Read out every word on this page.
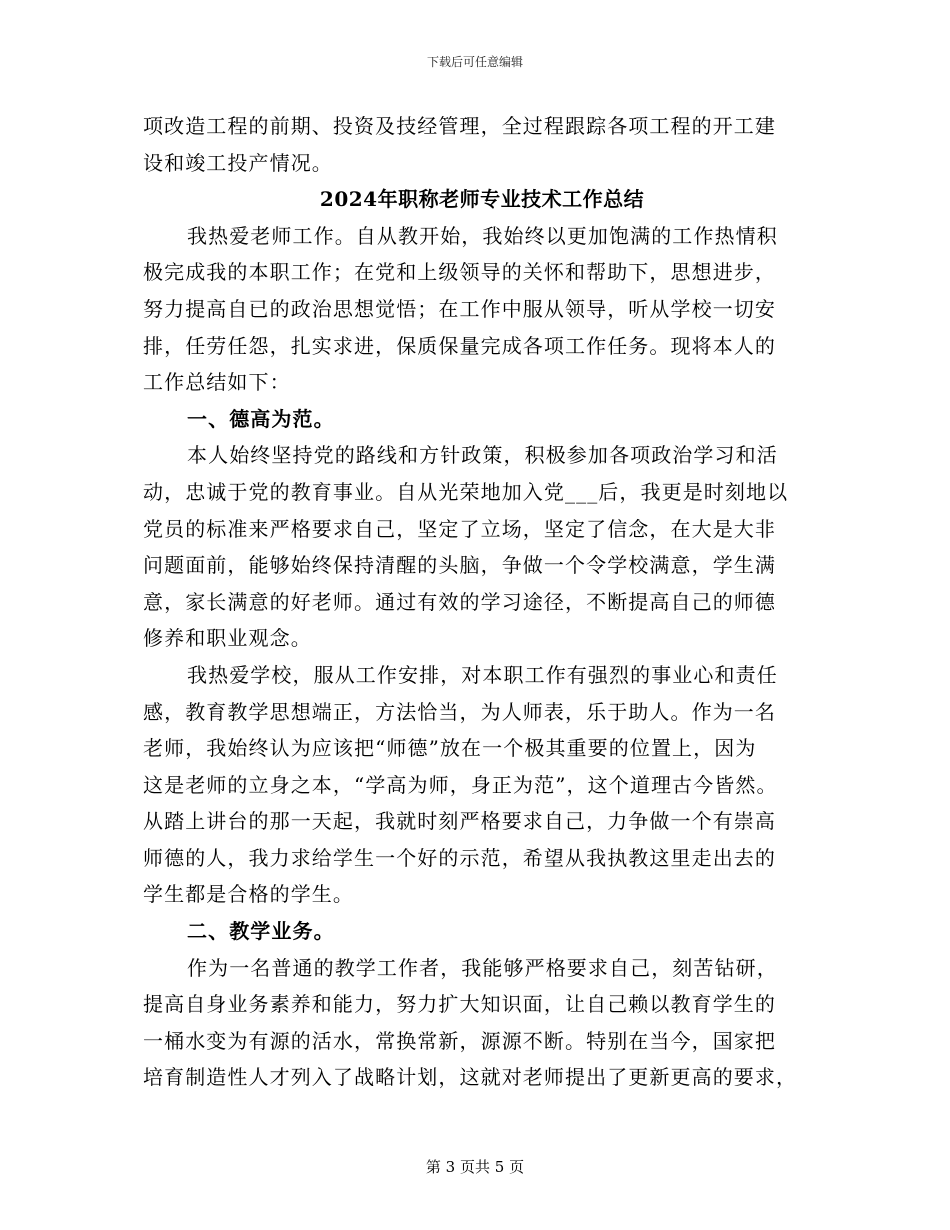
下载后可任意编辑
项改造工程的前期、投资及技经管理，全过程跟踪各项工程的开工建
设和竣工投产情况。
2024年职称老师专业技术工作总结
我热爱老师工作。自从教开始，我始终以更加饱满的工作热情积
极完成我的本职工作；在党和上级领导的关怀和帮助下，思想进步，
努力提高自已的政治思想觉悟；在工作中服从领导，听从学校一切安
排，任劳任怨，扎实求进，保质保量完成各项工作任务。现将本人的
工作总结如下：
一、德高为范。
本人始终坚持党的路线和方针政策，积极参加各项政治学习和活
动，忠诚于党的教育事业。自从光荣地加入党___后，我更是时刻地以
党员的标准来严格要求自己，坚定了立场，坚定了信念，在大是大非
问题面前，能够始终保持清醒的头脑，争做一个令学校满意，学生满
意，家长满意的好老师。通过有效的学习途径，不断提高自己的师德
修养和职业观念。
我热爱学校，服从工作安排，对本职工作有强烈的事业心和责任
感，教育教学思想端正，方法恰当，为人师表，乐于助人。作为一名
老师，我始终认为应该把“师德”放在一个极其重要的位置上，因为
这是老师的立身之本，“学高为师，身正为范”，这个道理古今皆然。
从踏上讲台的那一天起，我就时刻严格要求自己，力争做一个有崇高
师德的人，我力求给学生一个好的示范，希望从我执教这里走出去的
学生都是合格的学生。
二、教学业务。
作为一名普通的教学工作者，我能够严格要求自己，刻苦钻研，
提高自身业务素养和能力，努力扩大知识面，让自己赖以教育学生的
一桶水变为有源的活水，常换常新，源源不断。特别在当今，国家把
培育制造性人才列入了战略计划，这就对老师提出了更新更高的要求，
第 3 页共 5 页
